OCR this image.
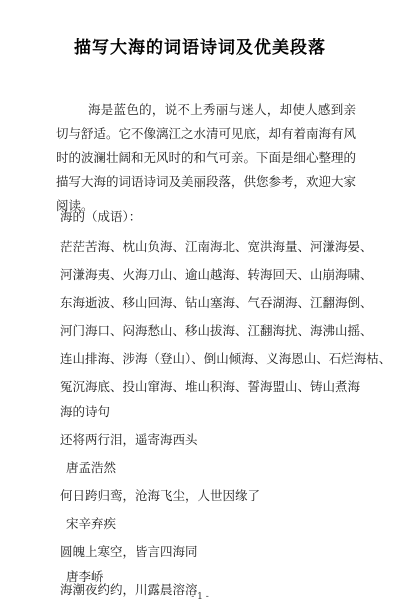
描写大海的词语诗词及优美段落

海是蓝色的，说不上秀丽与迷人，却使人感到亲切与舒适。它不像漓江之水清可见底，却有着南海有风时的波澜壮阔和无风时的和气可亲。下面是细心整理的描写大海的词语诗词及美丽段落，供您参考，欢迎大家阅读。

海的（成语）：

茫茫苦海、枕山负海、江南海北、宽洪海量、河溓海晏、

河溓海夷、火海刀山、逾山越海、转海回天、山崩海啸、

东海逝波、移山回海、钻山塞海、气吞湖海、江翻海倒、

河门海口、闷海愁山、移山拔海、江翻海扰、海沸山摇、

连山排海、涉海（登山）、倒山倾海、义海恩山、石烂海枯、

冤沉海底、投山窜海、堆山积海、誓海盟山、铸山煮海

海的诗句

还将两行泪，遥寄海西头

唐孟浩然

何日跨归鸾，沧海飞尘，人世因缘了

宋辛弃疾

圆魄上寒空，皆言四海同

唐李峤

海潮夜约约，川露晨溶溶

- 1 -
